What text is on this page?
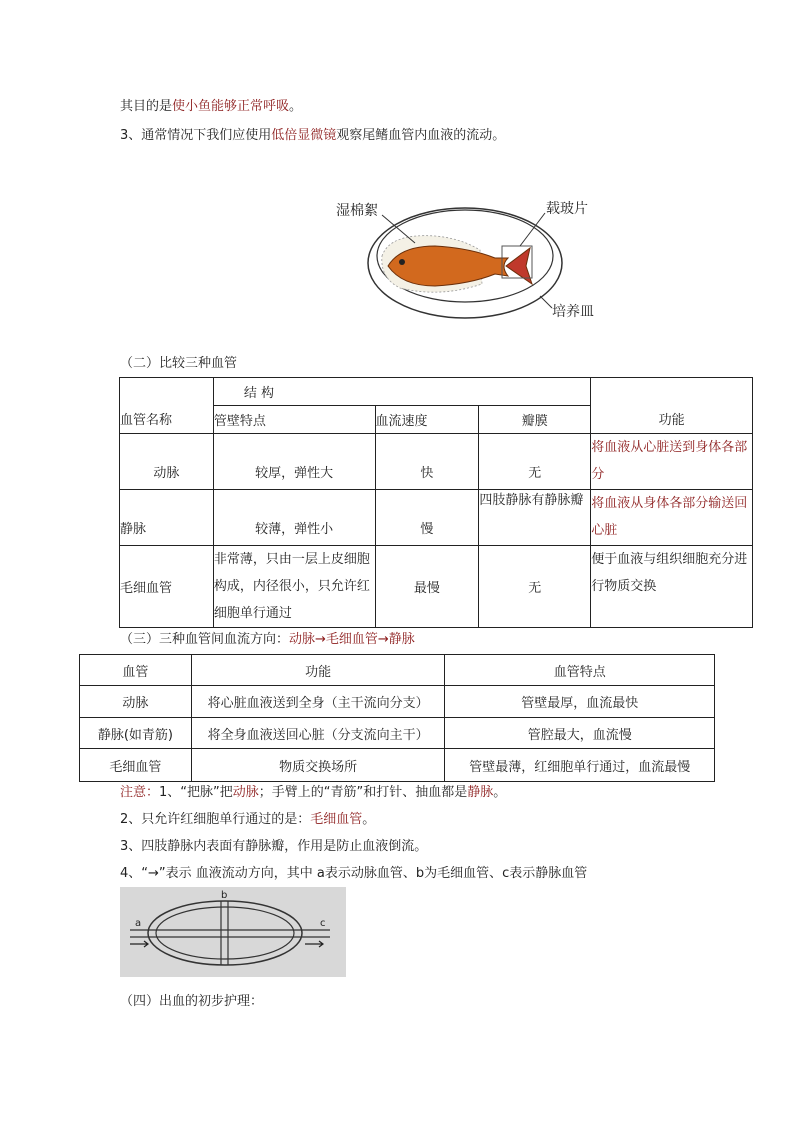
其目的是使小鱼能够正常呼吸。
3、通常情况下我们应使用低倍显微镜观察尾鳍血管内血液的流动。
湿棉絮	载玻片
培养皿
（二）比较三种血管
血管名称	结 构			功能
	管壁特点	血流速度	瓣膜	
动脉	较厚，弹性大	快	无	将血液从心脏送到身体各部分
静脉	较薄，弹性小	慢	四肢静脉有静脉瓣	将血液从身体各部分输送回心脏
毛细血管	非常薄，只由一层上皮细胞构成，内径很小，只允许红细胞单行通过	最慢	无	便于血液与组织细胞充分进行物质交换
（三）三种血管间血流方向：动脉→毛细血管→静脉
血管	功能	血管特点
动脉	将心脏血液送到全身（主干流向分支）	管壁最厚，血流最快
静脉(如青筋)	将全身血液送回心脏（分支流向主干）	管腔最大，血流慢
毛细血管	物质交换场所	管壁最薄，红细胞单行通过，血流最慢
注意：1、“把脉”把动脉；手臂上的“青筋”和打针、抽血都是静脉。
2、只允许红细胞单行通过的是：毛细血管。
3、四肢静脉内表面有静脉瓣，作用是防止血液倒流。
4、“→”表示 血液流动方向，其中 a表示动脉血管、b为毛细血管、c表示静脉血管
a
b
c
（四）出血的初步护理：
